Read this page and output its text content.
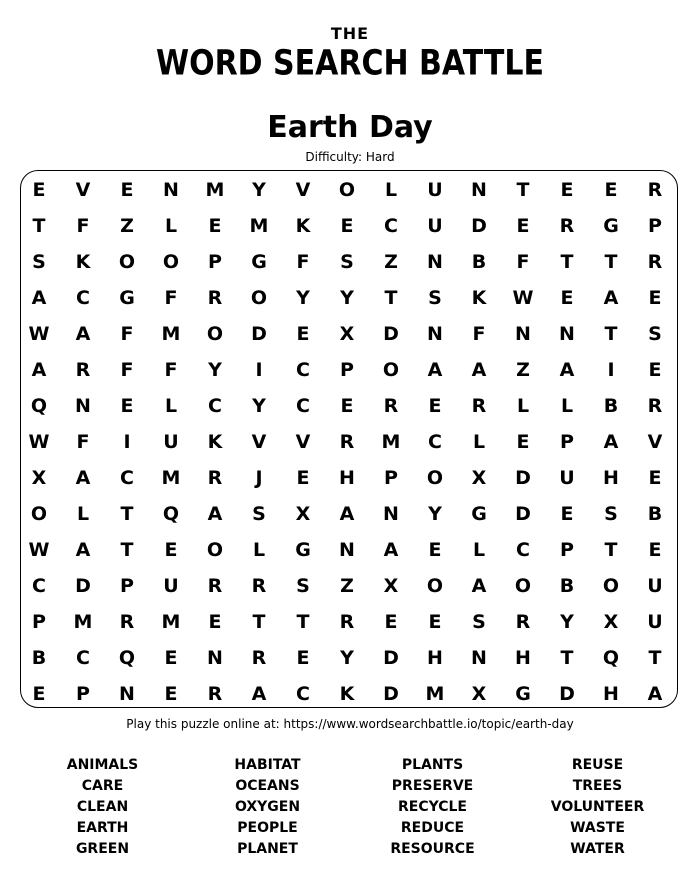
THE
WORD SEARCH BATTLE
Earth Day
Difficulty: Hard
E	V	E	N	M	Y	V	O	L	U	N	T	E	E	R
T	F	Z	L	E	M	K	E	C	U	D	E	R	G	P
S	K	O	O	P	G	F	S	Z	N	B	F	T	T	R
A	C	G	F	R	O	Y	Y	T	S	K	W	E	A	E
W	A	F	M	O	D	E	X	D	N	F	N	N	T	S
A	R	F	F	Y	I	C	P	O	A	A	Z	A	I	E
Q	N	E	L	C	Y	C	E	R	E	R	L	L	B	R
W	F	I	U	K	V	V	R	M	C	L	E	P	A	V
X	A	C	M	R	J	E	H	P	O	X	D	U	H	E
O	L	T	Q	A	S	X	A	N	Y	G	D	E	S	B
W	A	T	E	O	L	G	N	A	E	L	C	P	T	E
C	D	P	U	R	R	S	Z	X	O	A	O	B	O	U
P	M	R	M	E	T	T	R	E	E	S	R	Y	X	U
B	C	Q	E	N	R	E	Y	D	H	N	H	T	Q	T
E	P	N	E	R	A	C	K	D	M	X	G	D	H	A
Play this puzzle online at: https://www.wordsearchbattle.io/topic/earth-day
ANIMALS
CARE
CLEAN
EARTH
GREEN
HABITAT
OCEANS
OXYGEN
PEOPLE
PLANET
PLANTS
PRESERVE
RECYCLE
REDUCE
RESOURCE
REUSE
TREES
VOLUNTEER
WASTE
WATER
